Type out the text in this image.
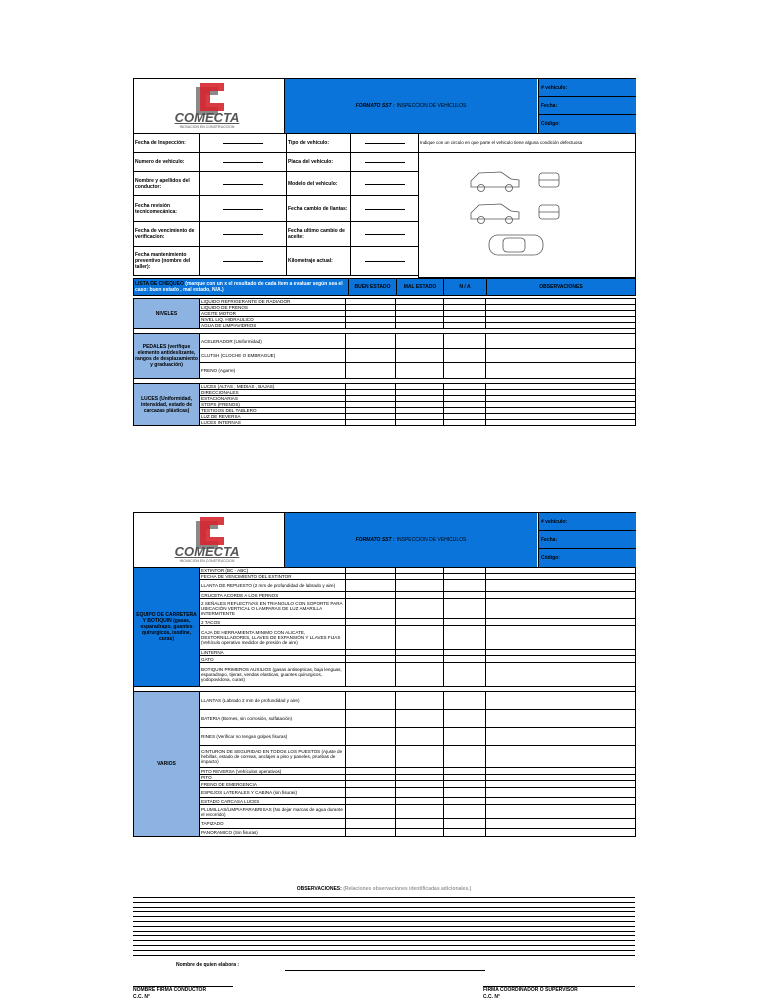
COMECTA
INOVACION EN CONSTRUCCION
FORMATO SST : INSPECCION DE VEHICULOS
# vehículo:
Fecha:
Código:
Fecha de Inspección:		Tipo de vehículo:		Indique con un circulo en que parte el vehiculo tiene alguna condición defectuosa
Numero de vehiculo:		Placa del vehículo:		

Nombre y apellidos del conductor:		Modelo del vehiculo:		
Fecha revisión tecnicomecánica:		Fecha cambio de llantas:		
Fecha de vencimiento de verificacion:		Fecha ultimo cambio de aceite:		
Fecha mantenimiento preventivo (nombre del taller):		Kilometraje actual:		

LISTA DE CHEQUEO (marque con un x el resultado de cada item a evaluar según sea el caso: buen estado , mal estado, N/A.)	BUEN ESTADO	MAL ESTADO	N / A	OBSERVACIONES
NIVELES	LIQUIDO REFRIGERANTE DE RADIADOR				
	LIQUIDO DE FRENOS				
	ACEITE MOTOR				
	NIVEL LIQ. HIDRAULICO				
	AGUA DE LIMPIAVIDRIOS				

PEDALES (verifique elemento antideslizante, rangos de desplazamiento y graduación)	ACELERADOR (Uniformidad)				
	CLUTSH (CLOCHE O EMBRAGUE)				
	FRENO (Agarre)				

LUCES (Uniformidad, intensidad, estado de carcazas plásticas)	LUCES (ALTAS , MEDIAS , BAJAS)				
	DIRECCIONALES				
	ESTACIONARIAS				
	STOPS (FRENOS)				
	TESTIGOS DEL TABLERO				
	LUZ DE REVERSA				
	LUCES INTERNAS				
COMECTA
INOVACION EN CONSTRUCCION
FORMATO SST : INSPECCION DE VEHICULOS
# vehículo:
Fecha:
Código:
EQUIPO DE CARRETERA Y BOTIQUIN (gasas, esparadrapo, guantes quirurgicos, isodine, curas)	EXTINTOR (BC - ABC)				
	FECHA DE VENCIMIENTO DEL EXTINTOR				
	LLANTA DE REPUESTO (2 mm de profundidad de labrado y aire)				
	CRUCETA ACORDE A LOS PERNOS				
	2 SEÑALES REFLECTIVAS EN TRIANGULO CON SOPORTE PARA UBICACIÓN VERTICAL O LAMPARAS DE LUZ AMARILLA INTERMITENTE				
	2 TACOS				
	CAJA DE HERRAMIENTA MINIMO CON ALICATE, DESTORNILLADORES, LLAVES DE EXPANSIÓN Y LLAVES FIJAS (Vehículo operativo medidor de presión de aire)				
	LINTERNA				
	GATO				
	BOTIQUIN PRIMEROS AUXILIOS (gasas antisepticas, baja lenguas, esparadrapo, tijeras, vendas elasticas, guantes quirurgicos, yodopovidona, curas)				

VARIOS	LLANTAS (Labrado 2 mm de profundidad y aire)				
	BATERIA (Bornes, sin corrosión, sulfatación)				
	RINES (Verificar no tengan golpes fisuras)				
	CINTURON DE SEGURIDAD EN TODOS LOS PUESTOS (Ajuste de hebillas, estado de correas, anclajes a piso y paneles, pruebas de impacto)				
	PITO REVERSA (Vehículos operativos)				
	PITO				
	FRENO DE EMERGENCIA				
	ESPEJOS LATERALES Y CABINA (sin fisuras)				
	ESTADO CARCASA LUCES				
	PLUMILLAS/LIMPIAPARABRISAS (No dejar marcas de agua durante el recorrido)				
	TAPIZADO				
	PANORAMICO (Sin fisuras)				
OBSERVACIONES: (Relaciones observaciones identificadas adicionales.)
Nombre de quien elabora :
NOMBRE FIRMA CONDUCTOR
C.C. N°
FIRMA COORDINADOR O SUPERVISOR
C.C. N°
